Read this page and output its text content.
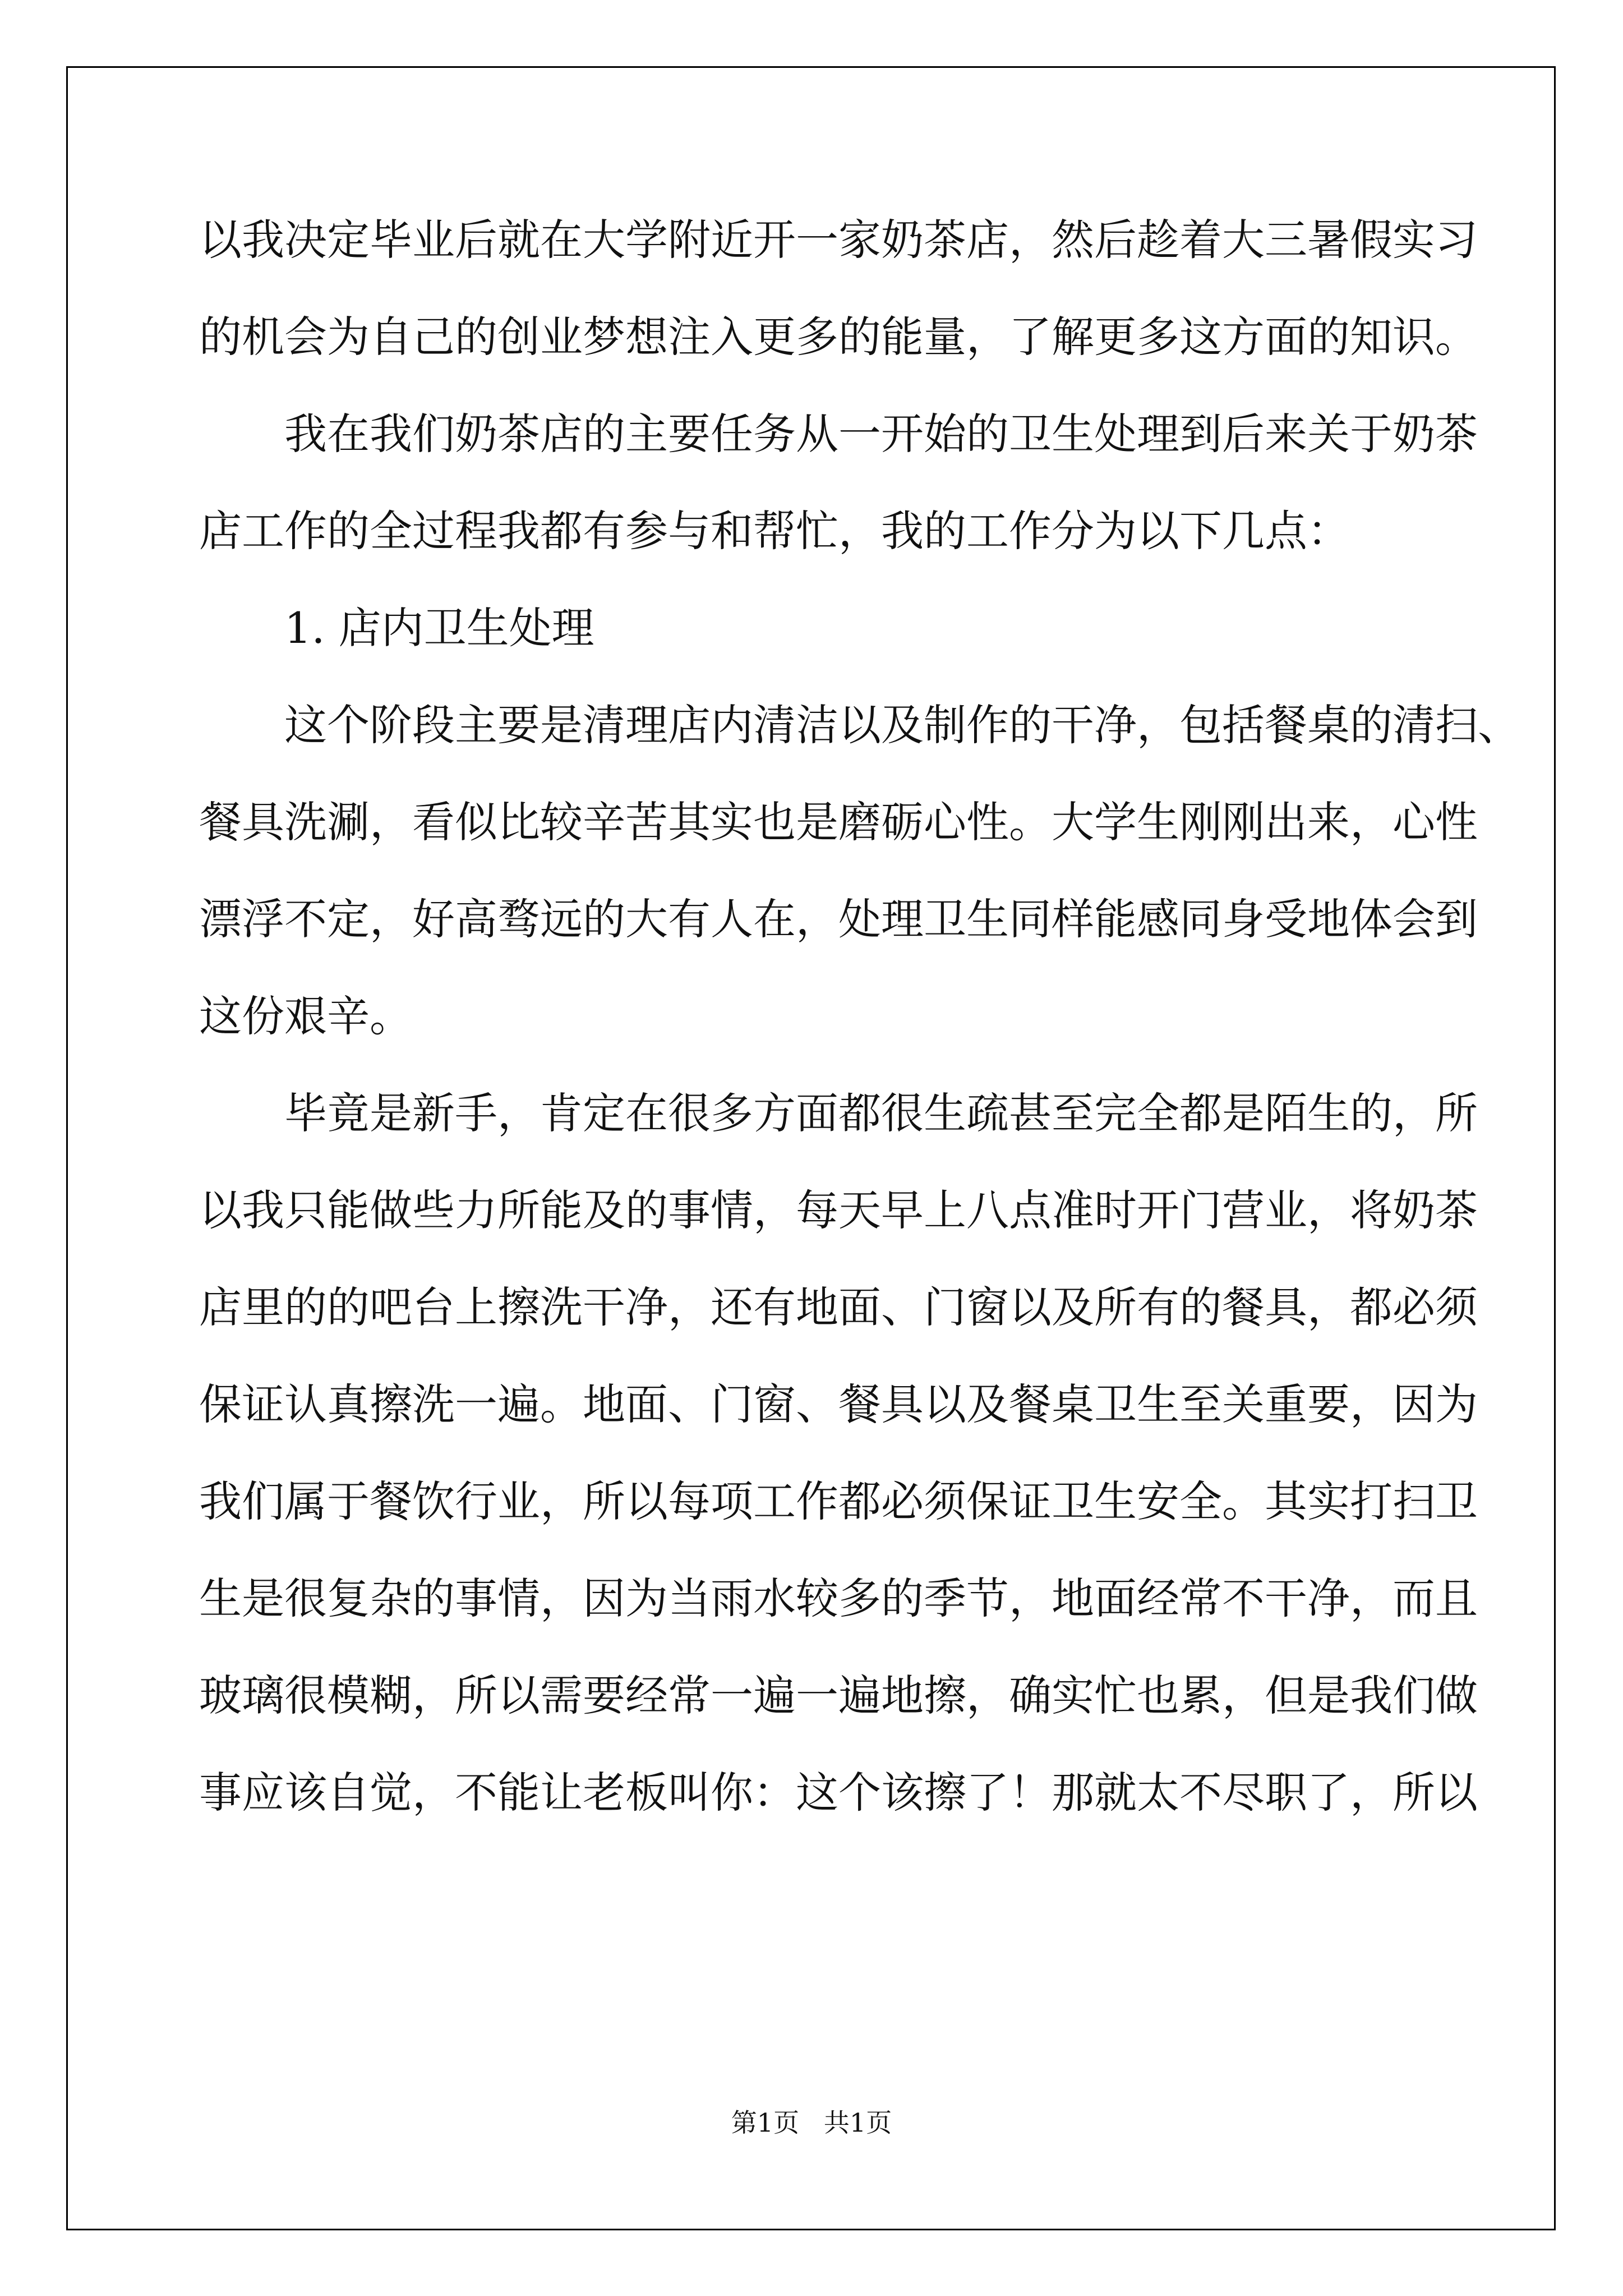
以我决定毕业后就在大学附近开一家奶茶店，然后趁着大三暑假实习
的机会为自己的创业梦想注入更多的能量，了解更多这方面的知识。
我在我们奶茶店的主要任务从一开始的卫生处理到后来关于奶茶
店工作的全过程我都有参与和帮忙，我的工作分为以下几点：
1. 店内卫生处理
这个阶段主要是清理店内清洁以及制作的干净，包括餐桌的清扫、
餐具洗涮，看似比较辛苦其实也是磨砺心性。大学生刚刚出来，心性
漂浮不定，好高骛远的大有人在，处理卫生同样能感同身受地体会到
这份艰辛。
毕竟是新手，肯定在很多方面都很生疏甚至完全都是陌生的，所
以我只能做些力所能及的事情，每天早上八点准时开门营业，将奶茶
店里的的吧台上擦洗干净，还有地面、门窗以及所有的餐具，都必须
保证认真擦洗一遍。地面、门窗、餐具以及餐桌卫生至关重要，因为
我们属于餐饮行业，所以每项工作都必须保证卫生安全。其实打扫卫
生是很复杂的事情，因为当雨水较多的季节，地面经常不干净，而且
玻璃很模糊，所以需要经常一遍一遍地擦，确实忙也累，但是我们做
事应该自觉，不能让老板叫你：这个该擦了！那就太不尽职了，所以
第1页   共1页
